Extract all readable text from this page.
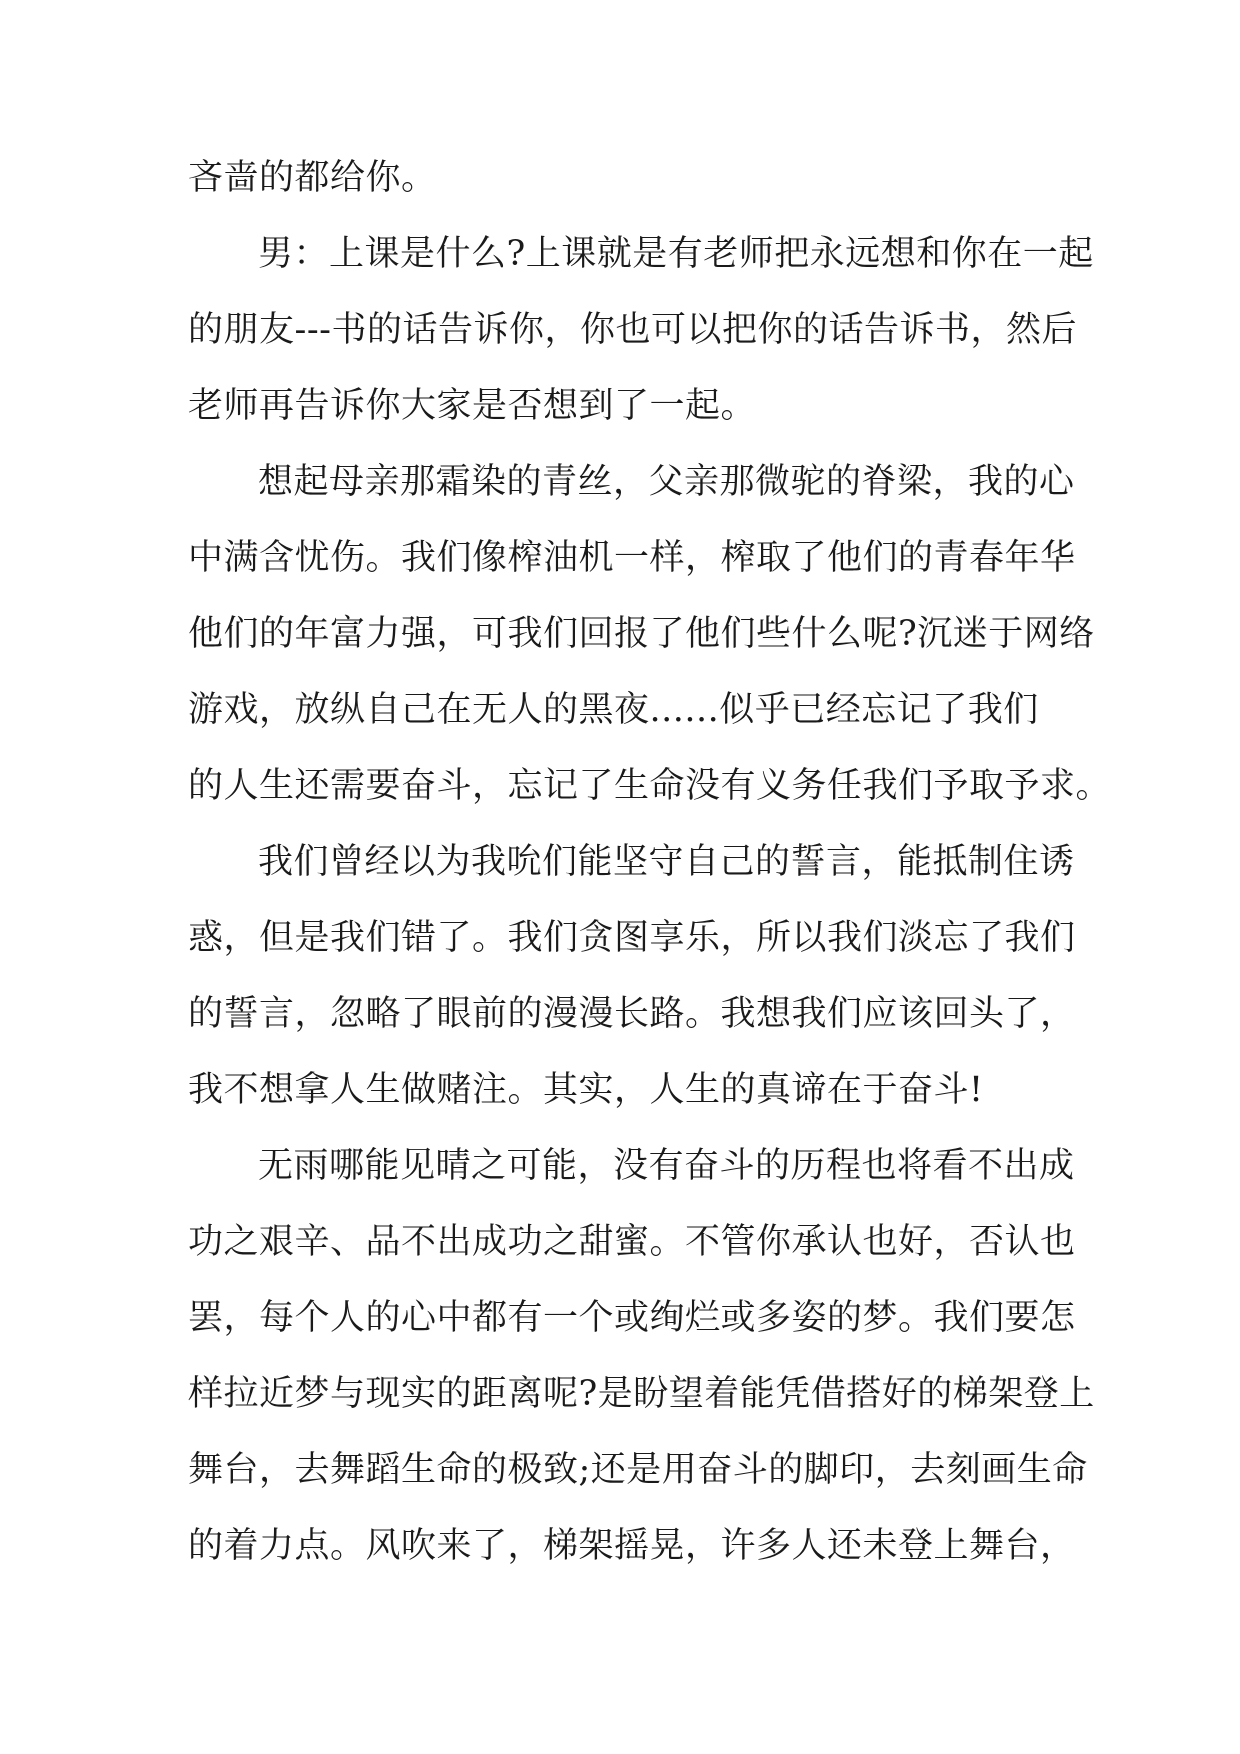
吝啬的都给你。
男：上课是什么?上课就是有老师把永远想和你在一起
的朋友---书的话告诉你，你也可以把你的话告诉书，然后
老师再告诉你大家是否想到了一起。
想起母亲那霜染的青丝，父亲那微驼的脊梁，我的心
中满含忧伤。我们像榨油机一样，榨取了他们的青春年华
他们的年富力强，可我们回报了他们些什么呢?沉迷于网络
游戏，放纵自己在无人的黑夜......似乎已经忘记了我们
的人生还需要奋斗，忘记了生命没有义务任我们予取予求。
我们曾经以为我吮们能坚守自己的誓言，能抵制住诱
惑，但是我们错了。我们贪图享乐，所以我们淡忘了我们
的誓言，忽略了眼前的漫漫长路。我想我们应该回头了，
我不想拿人生做赌注。其实，人生的真谛在于奋斗!
无雨哪能见晴之可能，没有奋斗的历程也将看不出成
功之艰辛、品不出成功之甜蜜。不管你承认也好，否认也
罢，每个人的心中都有一个或绚烂或多姿的梦。我们要怎
样拉近梦与现实的距离呢?是盼望着能凭借搭好的梯架登上
舞台，去舞蹈生命的极致;还是用奋斗的脚印，去刻画生命
的着力点。风吹来了，梯架摇晃，许多人还未登上舞台，
